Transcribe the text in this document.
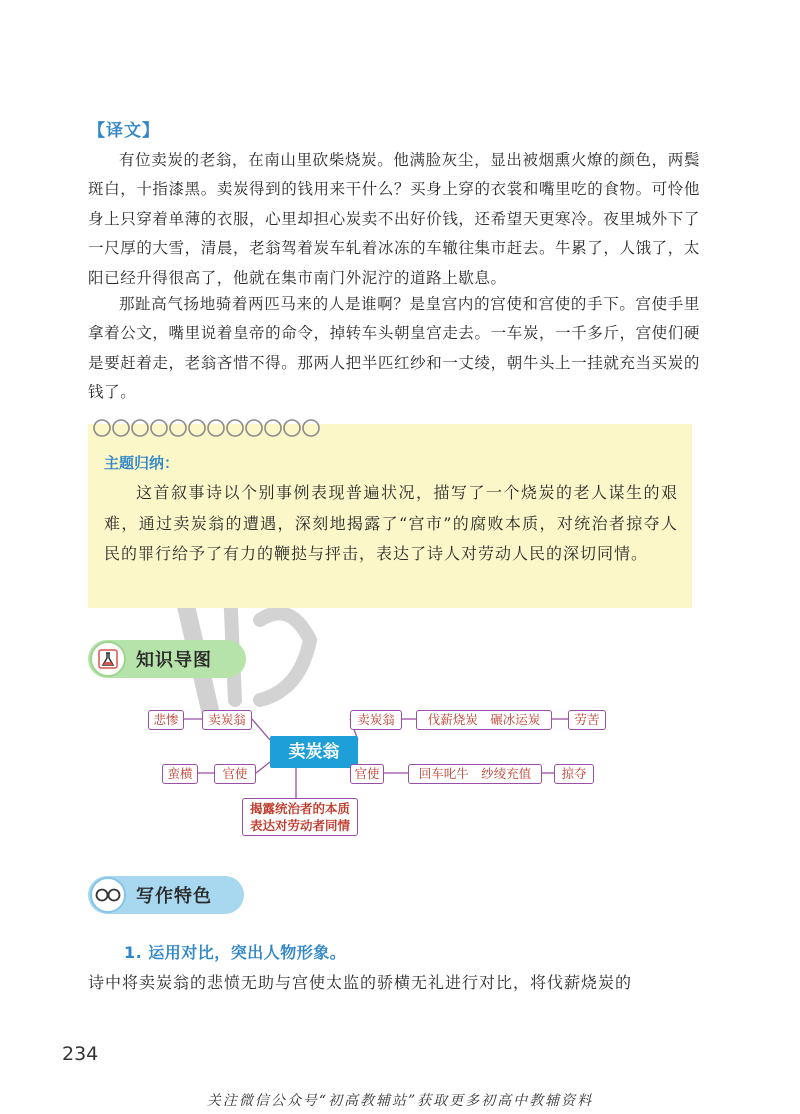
【译文】

有位卖炭的老翁，在南山里砍柴烧炭。他满脸灰尘，显出被烟熏火燎的颜色，两鬓斑白，十指漆黑。卖炭得到的钱用来干什么？买身上穿的衣裳和嘴里吃的食物。可怜他身上只穿着单薄的衣服，心里却担心炭卖不出好价钱，还希望天更寒冷。夜里城外下了一尺厚的大雪，清晨，老翁驾着炭车轧着冰冻的车辙往集市赶去。牛累了，人饿了，太阳已经升得很高了，他就在集市南门外泥泞的道路上歇息。

那趾高气扬地骑着两匹马来的人是谁啊？是皇宫内的宫使和宫使的手下。宫使手里拿着公文，嘴里说着皇帝的命令，掉转车头朝皇宫走去。一车炭，一千多斤，宫使们硬是要赶着走，老翁吝惜不得。那两人把半匹红纱和一丈绫，朝牛头上一挂就充当买炭的钱了。

主题归纳：

这首叙事诗以个别事例表现普遍状况，描写了一个烧炭的老人谋生的艰难，通过卖炭翁的遭遇，深刻地揭露了“宫市”的腐败本质，对统治者掠夺人民的罪行给予了有力的鞭挞与抨击，表达了诗人对劳动人民的深切同情。

知识导图
悲惨	卖炭翁
蛮横	官使
卖炭翁
卖炭翁	伐薪烧炭　碾冰运炭	劳苦
官使	回车叱牛　纱绫充值	掠夺
揭露统治者的本质
表达对劳动者同情
写作特色
1. 运用对比，突出人物形象。
诗中将卖炭翁的悲愤无助与宫使太监的骄横无礼进行对比，将伐薪烧炭的
234
关注微信公众号“初高教辅站”获取更多初高中教辅资料
